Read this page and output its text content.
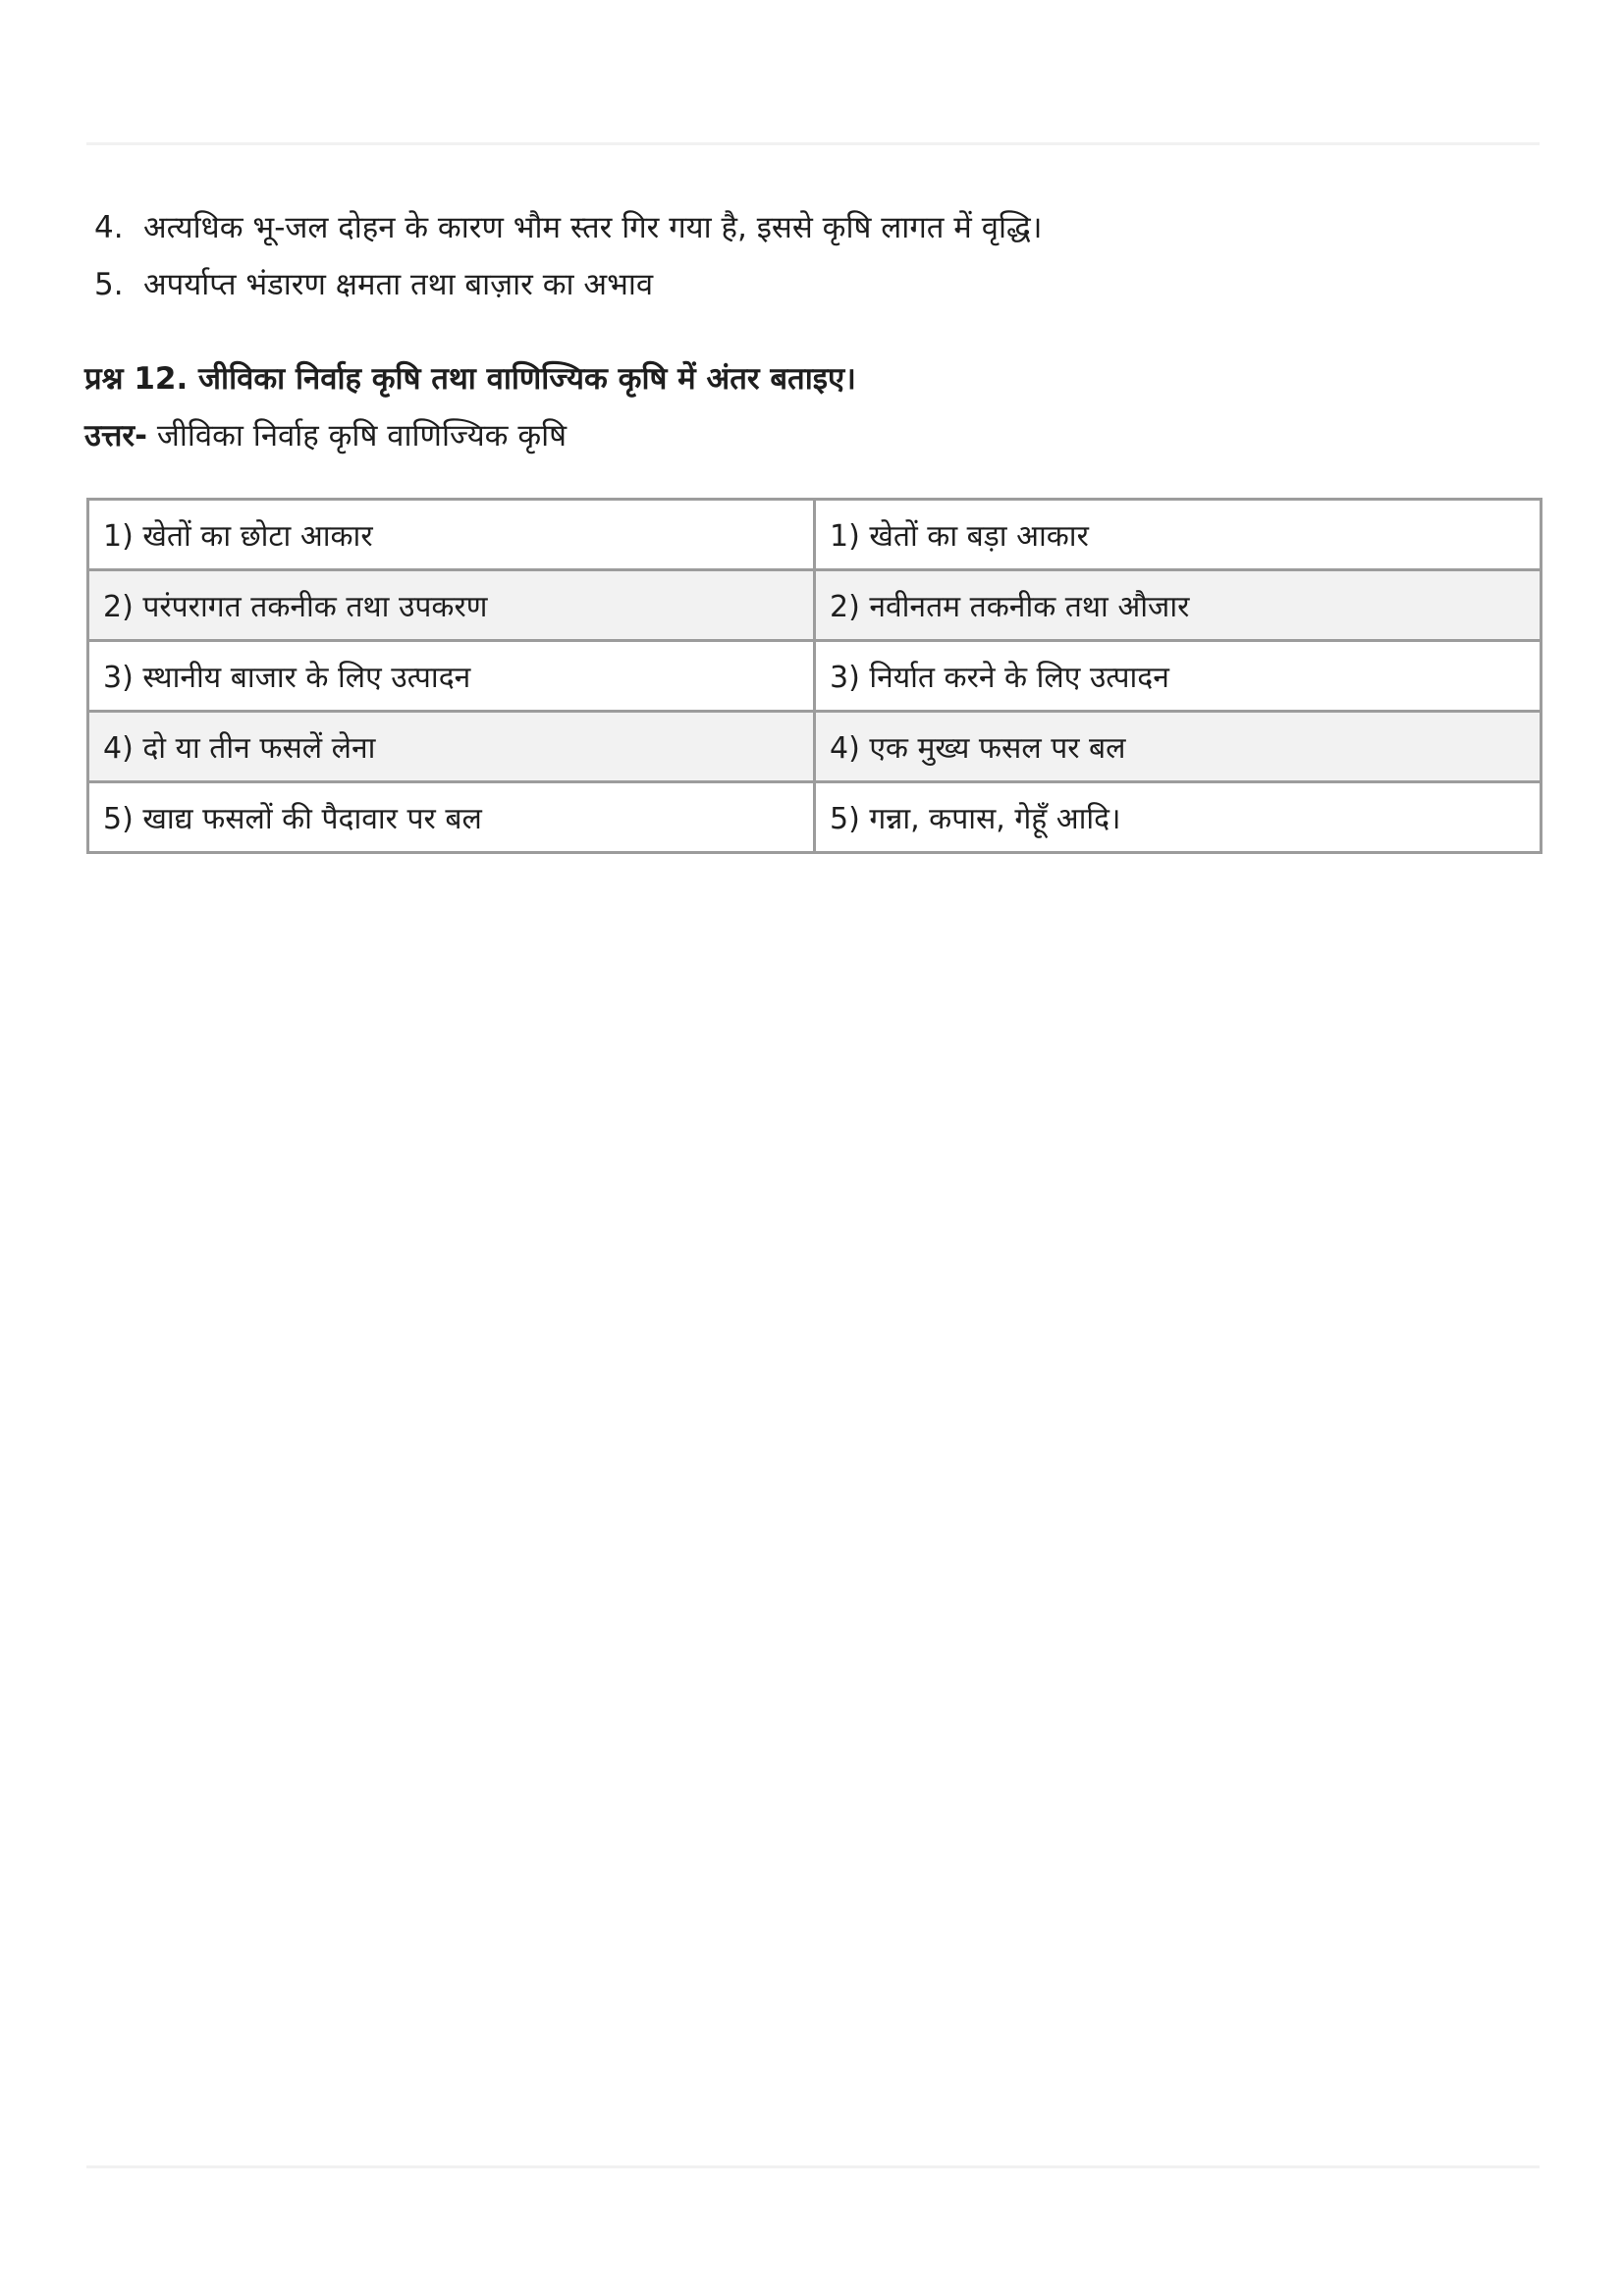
4. अत्यधिक भू-जल दोहन के कारण भौम स्तर गिर गया है, इससे कृषि लागत में वृद्धि।
5. अपर्याप्त भंडारण क्षमता तथा बाज़ार का अभाव
प्रश्न 12. जीविका निर्वाह कृषि तथा वाणिज्यिक कृषि में अंतर बताइए।
उत्तर- जीविका निर्वाह कृषि वाणिज्यिक कृषि
1) खेतों का छोटा आकार	1) खेतों का बड़ा आकार
2) परंपरागत तकनीक तथा उपकरण	2) नवीनतम तकनीक तथा औजार
3) स्थानीय बाजार के लिए उत्पादन	3) निर्यात करने के लिए उत्पादन
4) दो या तीन फसलें लेना	4) एक मुख्य फसल पर बल
5) खाद्य फसलों की पैदावार पर बल	5) गन्ना, कपास, गेहूँ आदि।
